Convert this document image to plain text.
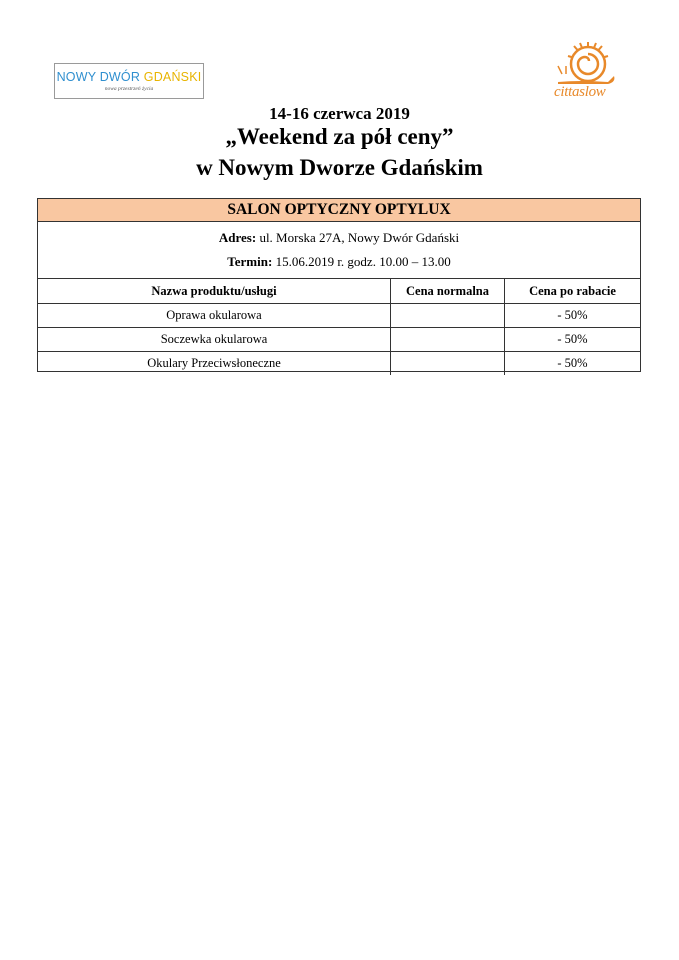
NOWY DWÓR GDAŃSKI
nowa przestrzeń życia	cittaslow
14-16 czerwca 2019
„Weekend za pół ceny”
w Nowym Dworze Gdańskim
SALON OPTYCZNY OPTYLUX
Adres: ul. Morska 27A, Nowy Dwór Gdański
Termin: 15.06.2019 r. godz. 10.00 – 13.00
Nazwa produktu/usługi	Cena normalna	Cena po rabacie
Oprawa okularowa		- 50%
Soczewka okularowa		- 50%
Okulary Przeciwsłoneczne		- 50%
